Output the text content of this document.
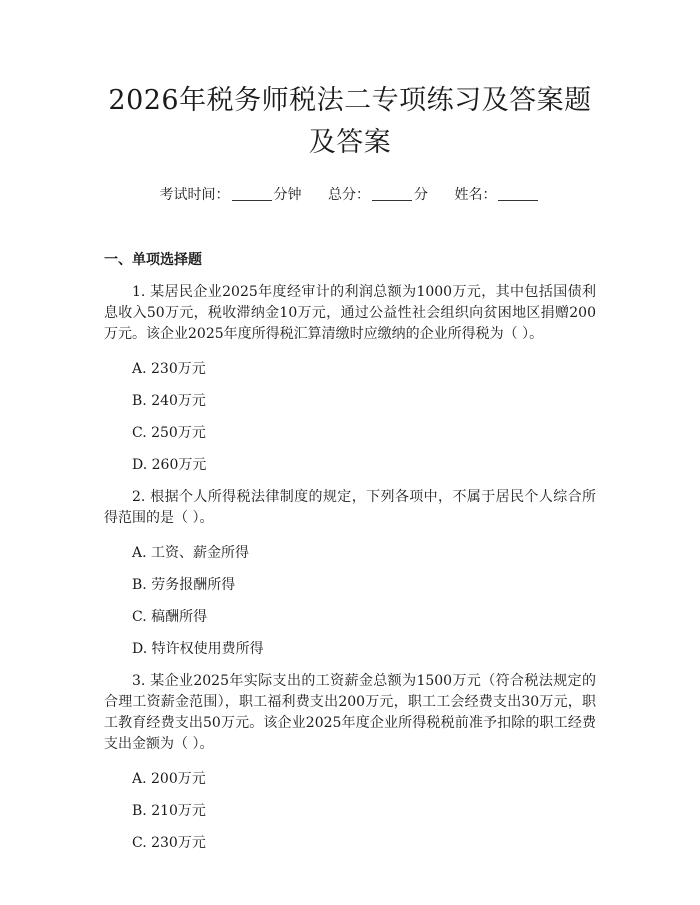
2026年税务师税法二专项练习及答案题及答案
考试时间：	分钟 总分：	分 姓名：
一、单项选择题

1. 某居民企业2025年度经审计的利润总额为1000万元，其中包括国债利息收入50万元，税收滞纳金10万元，通过公益性社会组织向贫困地区捐赠200万元。该企业2025年度所得税汇算清缴时应缴纳的企业所得税为（ ）。

A. 230万元
B. 240万元
C. 250万元
D. 260万元

2. 根据个人所得税法律制度的规定，下列各项中，不属于居民个人综合所得范围的是（ ）。

A. 工资、薪金所得
B. 劳务报酬所得
C. 稿酬所得
D. 特许权使用费所得

3. 某企业2025年实际支出的工资薪金总额为1500万元（符合税法规定的合理工资薪金范围），职工福利费支出200万元，职工工会经费支出30万元，职工教育经费支出50万元。该企业2025年度企业所得税税前准予扣除的职工经费支出金额为（ ）。

A. 200万元
B. 210万元
C. 230万元
